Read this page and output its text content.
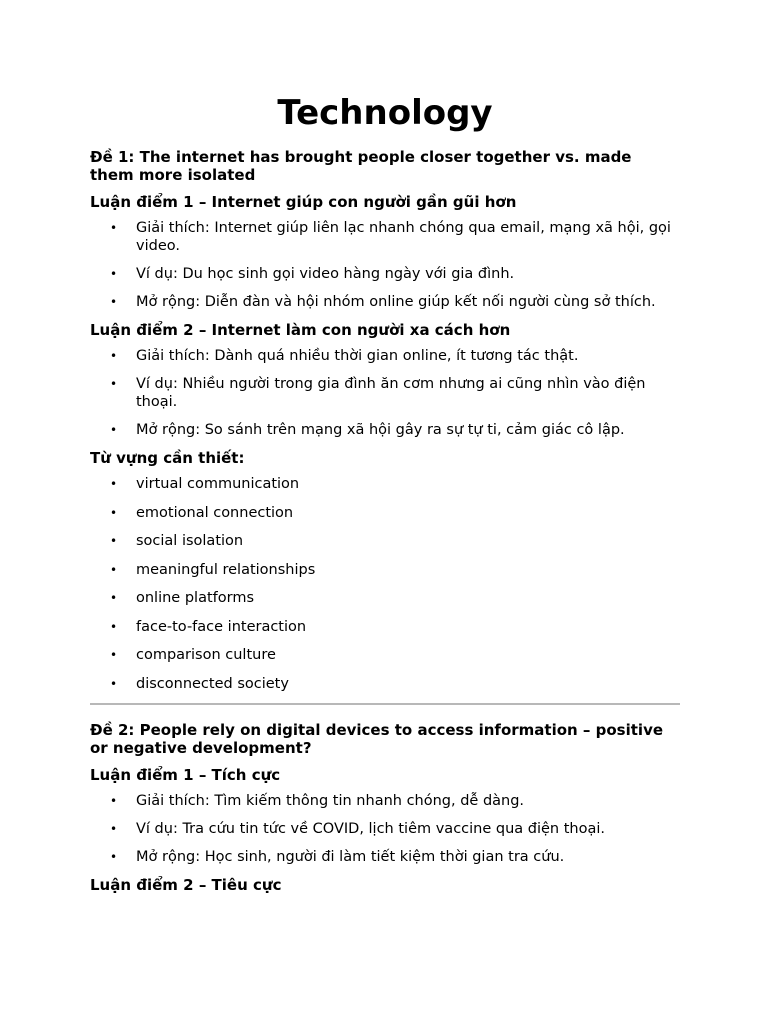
Technology
Đề 1: The internet has brought people closer together vs. made them more isolated
Luận điểm 1 – Internet giúp con người gần gũi hơn
• Giải thích: Internet giúp liên lạc nhanh chóng qua email, mạng xã hội, gọi video.
• Ví dụ: Du học sinh gọi video hàng ngày với gia đình.
• Mở rộng: Diễn đàn và hội nhóm online giúp kết nối người cùng sở thích.
Luận điểm 2 – Internet làm con người xa cách hơn
• Giải thích: Dành quá nhiều thời gian online, ít tương tác thật.
• Ví dụ: Nhiều người trong gia đình ăn cơm nhưng ai cũng nhìn vào điện thoại.
• Mở rộng: So sánh trên mạng xã hội gây ra sự tự ti, cảm giác cô lập.
Từ vựng cần thiết:
• virtual communication
• emotional connection
• social isolation
• meaningful relationships
• online platforms
• face-to-face interaction
• comparison culture
• disconnected society
Đề 2: People rely on digital devices to access information – positive or negative development?
Luận điểm 1 – Tích cực
• Giải thích: Tìm kiếm thông tin nhanh chóng, dễ dàng.
• Ví dụ: Tra cứu tin tức về COVID, lịch tiêm vaccine qua điện thoại.
• Mở rộng: Học sinh, người đi làm tiết kiệm thời gian tra cứu.
Luận điểm 2 – Tiêu cực
